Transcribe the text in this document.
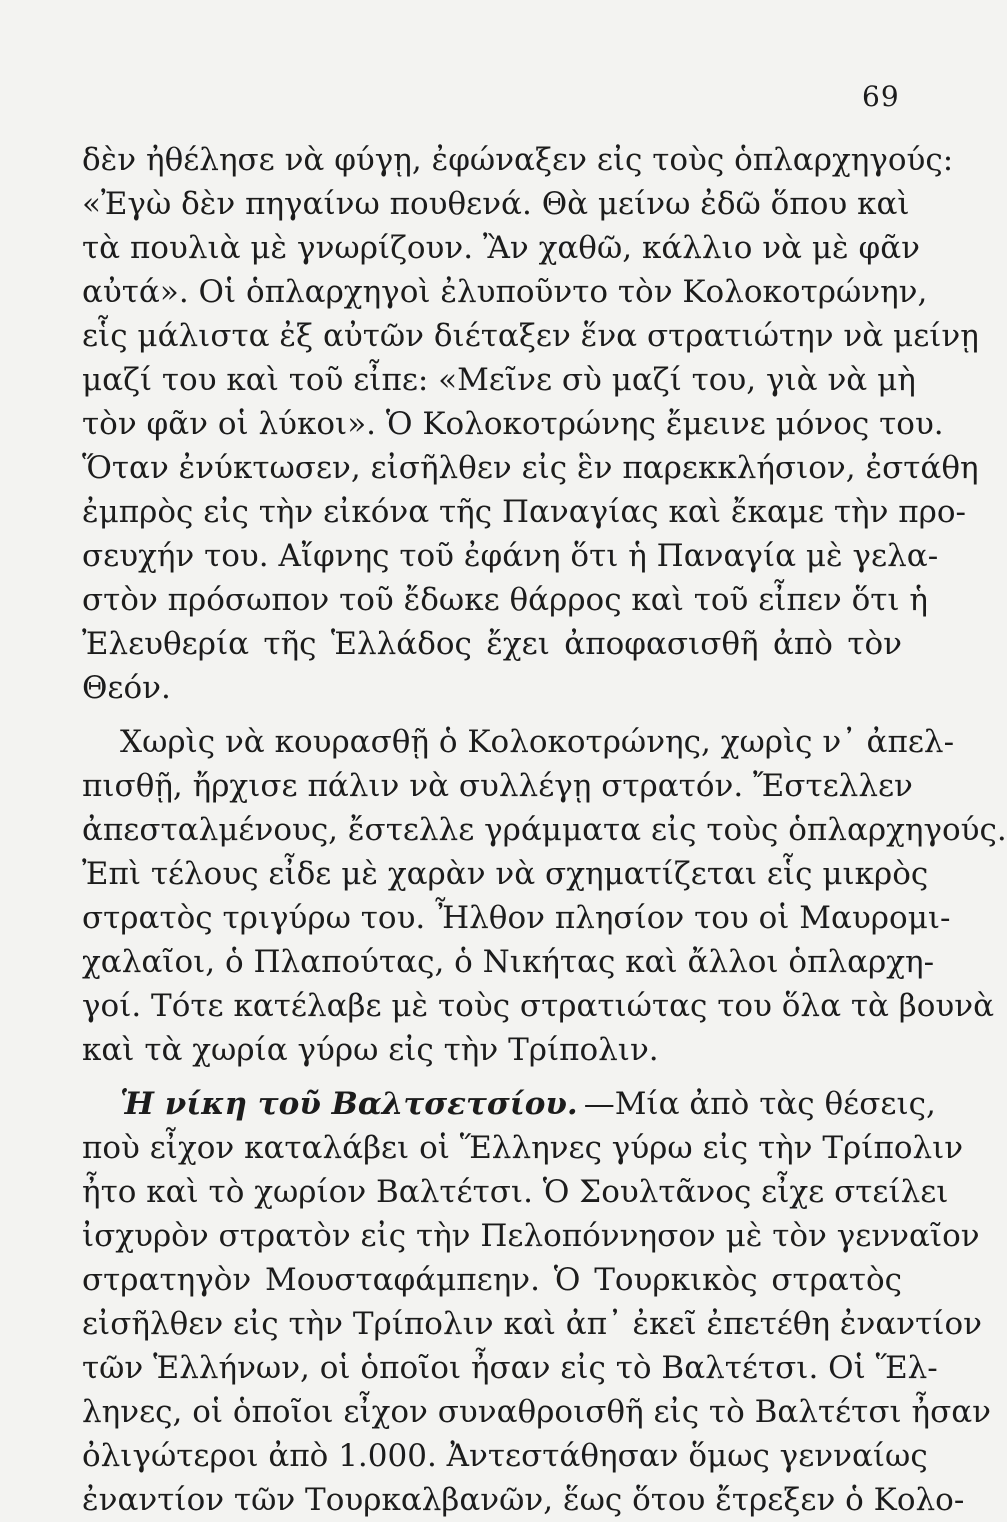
69
δὲν ἠθέλησε νὰ φύγῃ, ἐφώναξεν εἰς τοὺς ὁπλαρχηγούς:
«Ἐγὼ δὲν πηγαίνω πουθενά. Θὰ μείνω ἐδῶ ὅπου καὶ
τὰ πουλιὰ μὲ γνωρίζουν. Ἂν χαθῶ, κάλλιο νὰ μὲ φᾶν
αὐτά». Οἱ ὁπλαρχηγοὶ ἐλυποῦντο τὸν Κολοκοτρώνην,
εἷς μάλιστα ἐξ αὐτῶν διέταξεν ἕνα στρατιώτην νὰ μείνῃ
μαζί του καὶ τοῦ εἶπε: «Μεῖνε σὺ μαζί του, γιὰ νὰ μὴ
τὸν φᾶν οἱ λύκοι». Ὁ Κολοκοτρώνης ἔμεινε μόνος του.
Ὅταν ἐνύκτωσεν, εἰσῆλθεν εἰς ἓν παρεκκλήσιον, ἐστάθη
ἐμπρὸς εἰς τὴν εἰκόνα τῆς Παναγίας καὶ ἔκαμε τὴν προ-
σευχήν του. Αἴφνης τοῦ ἐφάνη ὅτι ἡ Παναγία μὲ γελα-
στὸν πρόσωπον τοῦ ἔδωκε θάρρος καὶ τοῦ εἶπεν ὅτι ἡ
Ἐλευθερία τῆς Ἑλλάδος ἔχει ἀποφασισθῆ ἀπὸ τὸν
Θεόν.
Χωρὶς νὰ κουρασθῇ ὁ Κολοκοτρώνης, χωρὶς ν᾽ ἀπελ-
πισθῇ, ἤρχισε πάλιν νὰ συλλέγῃ στρατόν. Ἔστελλεν
ἀπεσταλμένους, ἔστελλε γράμματα εἰς τοὺς ὁπλαρχηγούς.
Ἐπὶ τέλους εἶδε μὲ χαρὰν νὰ σχηματίζεται εἷς μικρὸς
στρατὸς τριγύρω του. Ἦλθον πλησίον του οἱ Μαυρομι-
χαλαῖοι, ὁ Πλαπούτας, ὁ Νικήτας καὶ ἄλλοι ὁπλαρχη-
γοί. Τότε κατέλαβε μὲ τοὺς στρατιώτας του ὅλα τὰ βουνὰ
καὶ τὰ χωρία γύρω εἰς τὴν Τρίπολιν.
Ἡ νίκη τοῦ Βαλτσετσίου. —Μία ἀπὸ τὰς θέσεις,
ποὺ εἶχον καταλάβει οἱ Ἕλληνες γύρω εἰς τὴν Τρίπολιν
ἦτο καὶ τὸ χωρίον Βαλτέτσι. Ὁ Σουλτᾶνος εἶχε στείλει
ἰσχυρὸν στρατὸν εἰς τὴν Πελοπόννησον μὲ τὸν γενναῖον
στρατηγὸν Μουσταφάμπεην. Ὁ Τουρκικὸς στρατὸς
εἰσῆλθεν εἰς τὴν Τρίπολιν καὶ ἀπ᾽ ἐκεῖ ἐπετέθη ἐναντίον
τῶν Ἑλλήνων, οἱ ὁποῖοι ἦσαν εἰς τὸ Βαλτέτσι. Οἱ Ἕλ-
ληνες, οἱ ὁποῖοι εἶχον συναθροισθῆ εἰς τὸ Βαλτέτσι ἦσαν
ὀλιγώτεροι ἀπὸ 1.000. Ἀντεστάθησαν ὅμως γενναίως
ἐναντίον τῶν Τουρκαλβανῶν, ἕως ὅτου ἔτρεξεν ὁ Κολο-
